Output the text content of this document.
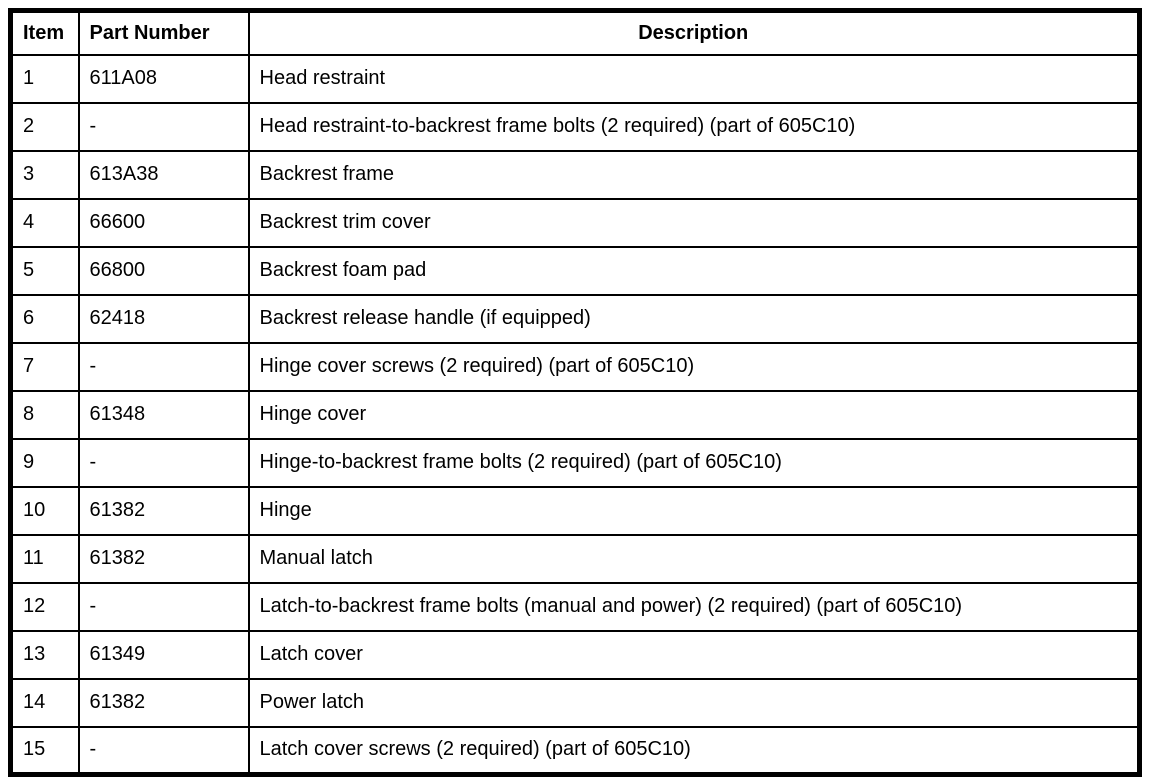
Item	Part Number	Description
1	611A08	Head restraint
2	-	Head restraint-to-backrest frame bolts (2 required) (part of 605C10)
3	613A38	Backrest frame
4	66600	Backrest trim cover
5	66800	Backrest foam pad
6	62418	Backrest release handle (if equipped)
7	-	Hinge cover screws (2 required) (part of 605C10)
8	61348	Hinge cover
9	-	Hinge-to-backrest frame bolts (2 required) (part of 605C10)
10	61382	Hinge
11	61382	Manual latch
12	-	Latch-to-backrest frame bolts (manual and power) (2 required) (part of 605C10)
13	61349	Latch cover
14	61382	Power latch
15	-	Latch cover screws (2 required) (part of 605C10)
